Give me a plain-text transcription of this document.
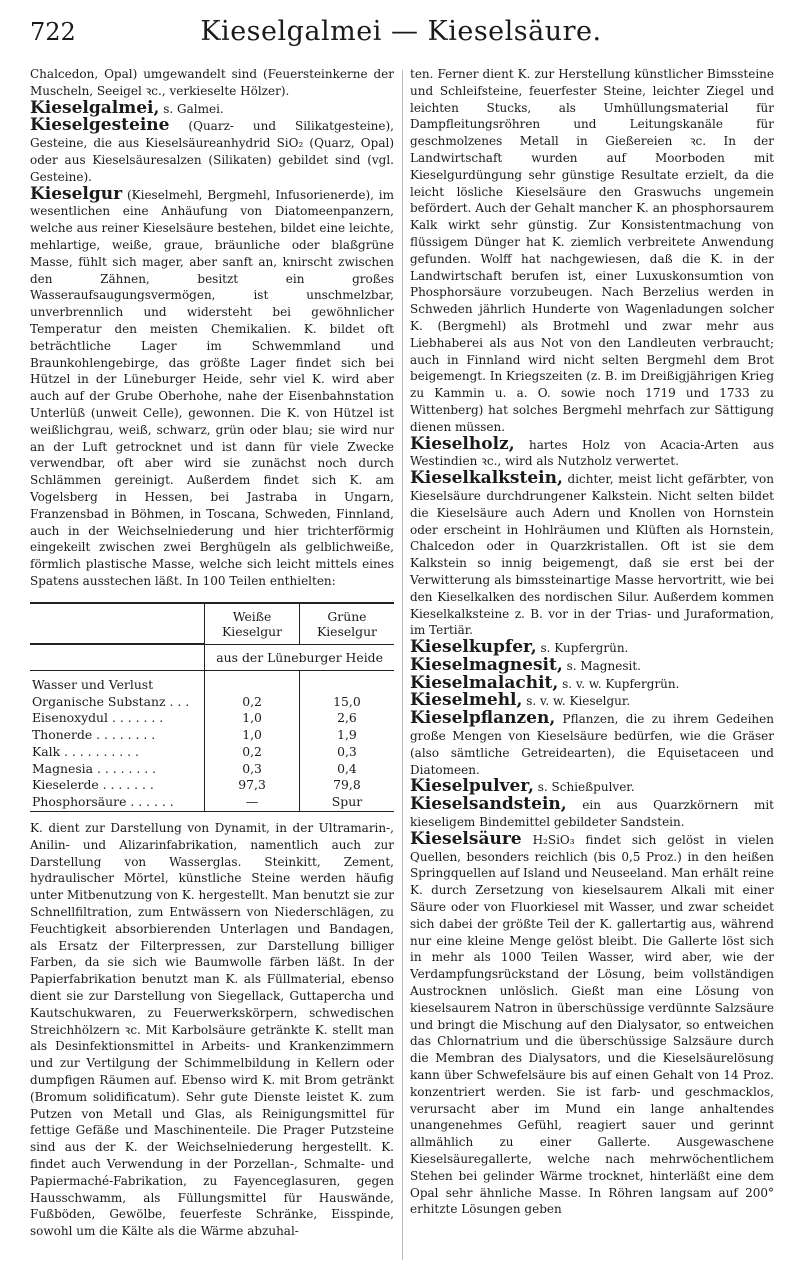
722	Kieselgalmei — Kieselsäure.

Chalcedon, Opal) umgewandelt sind (Feuersteinkerne der Muscheln, Seeigel ꝛc., verkieselte Hölzer).

Kieselgalmei, s. Galmei.

Kieselgesteine (Quarz- und Silikatgesteine), Gesteine, die aus Kieselsäureanhydrid SiO₂ (Quarz, Opal) oder aus Kieselsäuresalzen (Silikaten) gebildet sind (vgl. Gesteine).

Kieselgur (Kieselmehl, Bergmehl, Infusorienerde), im wesentlichen eine Anhäufung von Diatomeenpanzern, welche aus reiner Kieselsäure bestehen, bildet eine leichte, mehlartige, weiße, graue, bräunliche oder blaßgrüne Masse, fühlt sich mager, aber sanft an, knirscht zwischen den Zähnen, besitzt ein großes Wasseraufsaugungsvermögen, ist unschmelzbar, unverbrennlich und widersteht bei gewöhnlicher Temperatur den meisten Chemikalien. K. bildet oft beträchtliche Lager im Schwemmland und Braunkohlengebirge, das größte Lager findet sich bei Hützel in der Lüneburger Heide, sehr viel K. wird aber auch auf der Grube Oberhohe, nahe der Eisenbahnstation Unterlüß (unweit Celle), gewonnen. Die K. von Hützel ist weißlichgrau, weiß, schwarz, grün oder blau; sie wird nur an der Luft getrocknet und ist dann für viele Zwecke verwendbar, oft aber wird sie zunächst noch durch Schlämmen gereinigt. Außerdem findet sich K. am Vogelsberg in Hessen, bei Jastraba in Ungarn, Franzensbad in Böhmen, in Toscana, Schweden, Finnland, auch in der Weichselniederung und hier trichterförmig eingekeilt zwischen zwei Berghügeln als gelblichweiße, förmlich plastische Masse, welche sich leicht mittels eines Spatens ausstechen läßt. In 100 Teilen enthielten:

	Weiße Kieselgur	Grüne Kieselgur
	aus der Lüneburger Heide	
Wasser und Verlust		
Organische Substanz . . .	0,2	15,0
Eisenoxydul . . . . . . .	1,0	2,6
Thonerde . . . . . . . .	1,0	1,9
Kalk . . . . . . . . . .	0,2	0,3
Magnesia . . . . . . . .	0,3	0,4
Kieselerde . . . . . . .	97,3	79,8
Phosphorsäure . . . . . .	—	Spur

K. dient zur Darstellung von Dynamit, in der Ultramarin-, Anilin- und Alizarinfabrikation, namentlich auch zur Darstellung von Wasserglas. Steinkitt, Zement, hydraulischer Mörtel, künstliche Steine werden häufig unter Mitbenutzung von K. hergestellt. Man benutzt sie zur Schnellfiltration, zum Entwässern von Niederschlägen, zu Feuchtigkeit absorbierenden Unterlagen und Bandagen, als Ersatz der Filterpressen, zur Darstellung billiger Farben, da sie sich wie Baumwolle färben läßt. In der Papierfabrikation benutzt man K. als Füllmaterial, ebenso dient sie zur Darstellung von Siegellack, Guttapercha und Kautschukwaren, zu Feuerwerkskörpern, schwedischen Streichhölzern ꝛc. Mit Karbolsäure getränkte K. stellt man als Desinfektionsmittel in Arbeits- und Krankenzimmern und zur Vertilgung der Schimmelbildung in Kellern oder dumpfigen Räumen auf. Ebenso wird K. mit Brom getränkt (Bromum solidificatum). Sehr gute Dienste leistet K. zum Putzen von Metall und Glas, als Reinigungsmittel für fettige Gefäße und Maschinenteile. Die Prager Putzsteine sind aus der K. der Weichselniederung hergestellt. K. findet auch Verwendung in der Porzellan-, Schmalte- und Papiermaché-Fabrikation, zu Fayenceglasuren, gegen Hausschwamm, als Füllungsmittel für Hauswände, Fußböden, Gewölbe, feuerfeste Schränke, Eisspinde, sowohl um die Kälte als die Wärme abzuhal-

ten. Ferner dient K. zur Herstellung künstlicher Bimssteine und Schleifsteine, feuerfester Steine, leichter Ziegel und leichten Stucks, als Umhüllungsmaterial für Dampfleitungsröhren und Leitungskanäle für geschmolzenes Metall in Gießereien ꝛc. In der Landwirtschaft wurden auf Moorboden mit Kieselgurdüngung sehr günstige Resultate erzielt, da die leicht lösliche Kieselsäure den Graswuchs ungemein befördert. Auch der Gehalt mancher K. an phosphorsaurem Kalk wirkt sehr günstig. Zur Konsistentmachung von flüssigem Dünger hat K. ziemlich verbreitete Anwendung gefunden. Wolff hat nachgewiesen, daß die K. in der Landwirtschaft berufen ist, einer Luxuskonsumtion von Phosphorsäure vorzubeugen. Nach Berzelius werden in Schweden jährlich Hunderte von Wagenladungen solcher K. (Bergmehl) als Brotmehl und zwar mehr aus Liebhaberei als aus Not von den Landleuten verbraucht; auch in Finnland wird nicht selten Bergmehl dem Brot beigemengt. In Kriegszeiten (z. B. im Dreißigjährigen Krieg zu Kammin u. a. O. sowie noch 1719 und 1733 zu Wittenberg) hat solches Bergmehl mehrfach zur Sättigung dienen müssen.

Kieselholz, hartes Holz von Acacia-Arten aus Westindien ꝛc., wird als Nutzholz verwertet.

Kieselkalkstein, dichter, meist licht gefärbter, von Kieselsäure durchdrungener Kalkstein. Nicht selten bildet die Kieselsäure auch Adern und Knollen von Hornstein oder erscheint in Hohlräumen und Klüften als Hornstein, Chalcedon oder in Quarzkristallen. Oft ist sie dem Kalkstein so innig beigemengt, daß sie erst bei der Verwitterung als bimssteinartige Masse hervortritt, wie bei den Kieselkalken des nordischen Silur. Außerdem kommen Kieselkalksteine z. B. vor in der Trias- und Juraformation, im Tertiär.

Kieselkupfer, s. Kupfergrün.

Kieselmagnesit, s. Magnesit.

Kieselmalachit, s. v. w. Kupfergrün.

Kieselmehl, s. v. w. Kieselgur.

Kieselpflanzen, Pflanzen, die zu ihrem Gedeihen große Mengen von Kieselsäure bedürfen, wie die Gräser (also sämtliche Getreidearten), die Equisetaceen und Diatomeen.

Kieselpulver, s. Schießpulver.

Kieselsandstein, ein aus Quarzkörnern mit kieseligem Bindemittel gebildeter Sandstein.

Kieselsäure H₂SiO₃ findet sich gelöst in vielen Quellen, besonders reichlich (bis 0,5 Proz.) in den heißen Springquellen auf Island und Neuseeland. Man erhält reine K. durch Zersetzung von kieselsaurem Alkali mit einer Säure oder von Fluorkiesel mit Wasser, und zwar scheidet sich dabei der größte Teil der K. gallertartig aus, während nur eine kleine Menge gelöst bleibt. Die Gallerte löst sich in mehr als 1000 Teilen Wasser, wird aber, wie der Verdampfungsrückstand der Lösung, beim vollständigen Austrocknen unlöslich. Gießt man eine Lösung von kieselsaurem Natron in überschüssige verdünnte Salzsäure und bringt die Mischung auf den Dialysator, so entweichen das Chlornatrium und die überschüssige Salzsäure durch die Membran des Dialysators, und die Kieselsäurelösung kann über Schwefelsäure bis auf einen Gehalt von 14 Proz. konzentriert werden. Sie ist farb- und geschmacklos, verursacht aber im Mund ein lange anhaltendes unangenehmes Gefühl, reagiert sauer und gerinnt allmählich zu einer Gallerte. Ausgewaschene Kieselsäuregallerte, welche nach mehrwöchentlichem Stehen bei gelinder Wärme trocknet, hinterläßt eine dem Opal sehr ähnliche Masse. In Röhren langsam auf 200° erhitzte Lösungen geben
